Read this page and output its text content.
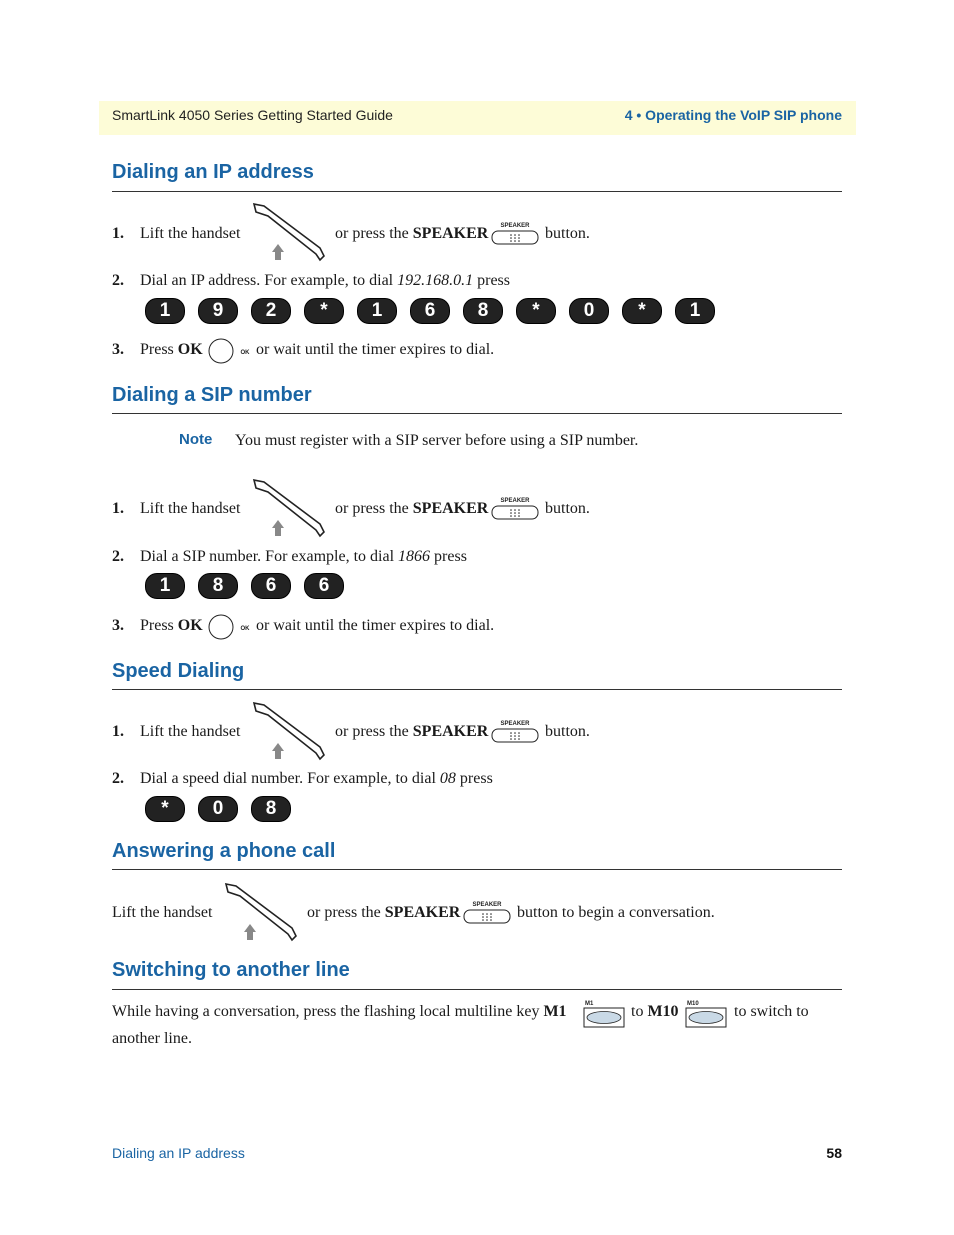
SmartLink 4050 Series Getting Started Guide	4 • Operating the VoIP SIP phone
Dialing an IP address
1. Lift the handset	or press the SPEAKER SPEAKER button.
2. Dial an IP address. For example, to dial 192.168.0.1 press
1	9	2	*	1	6	8	*	0	*	1
3. Press OK	OK or wait until the timer expires to dial.
Dialing a SIP number
Note You must register with a SIP server before using a SIP number.
1. Lift the handset	or press the SPEAKER SPEAKER button.
2. Dial a SIP number. For example, to dial 1866 press
1	8	6	6
3. Press OK	OK or wait until the timer expires to dial.
Speed Dialing
1. Lift the handset	or press the SPEAKER SPEAKER button.
2. Dial a speed dial number. For example, to dial 08 press
*	0	8
Answering a phone call
Lift the handset	or press the SPEAKER SPEAKER button to begin a conversation.
Switching to another line
While having a conversation, press the flashing local multiline key M1	M1 to M10 M10 to switch to
another line.
Dialing an IP address	58
